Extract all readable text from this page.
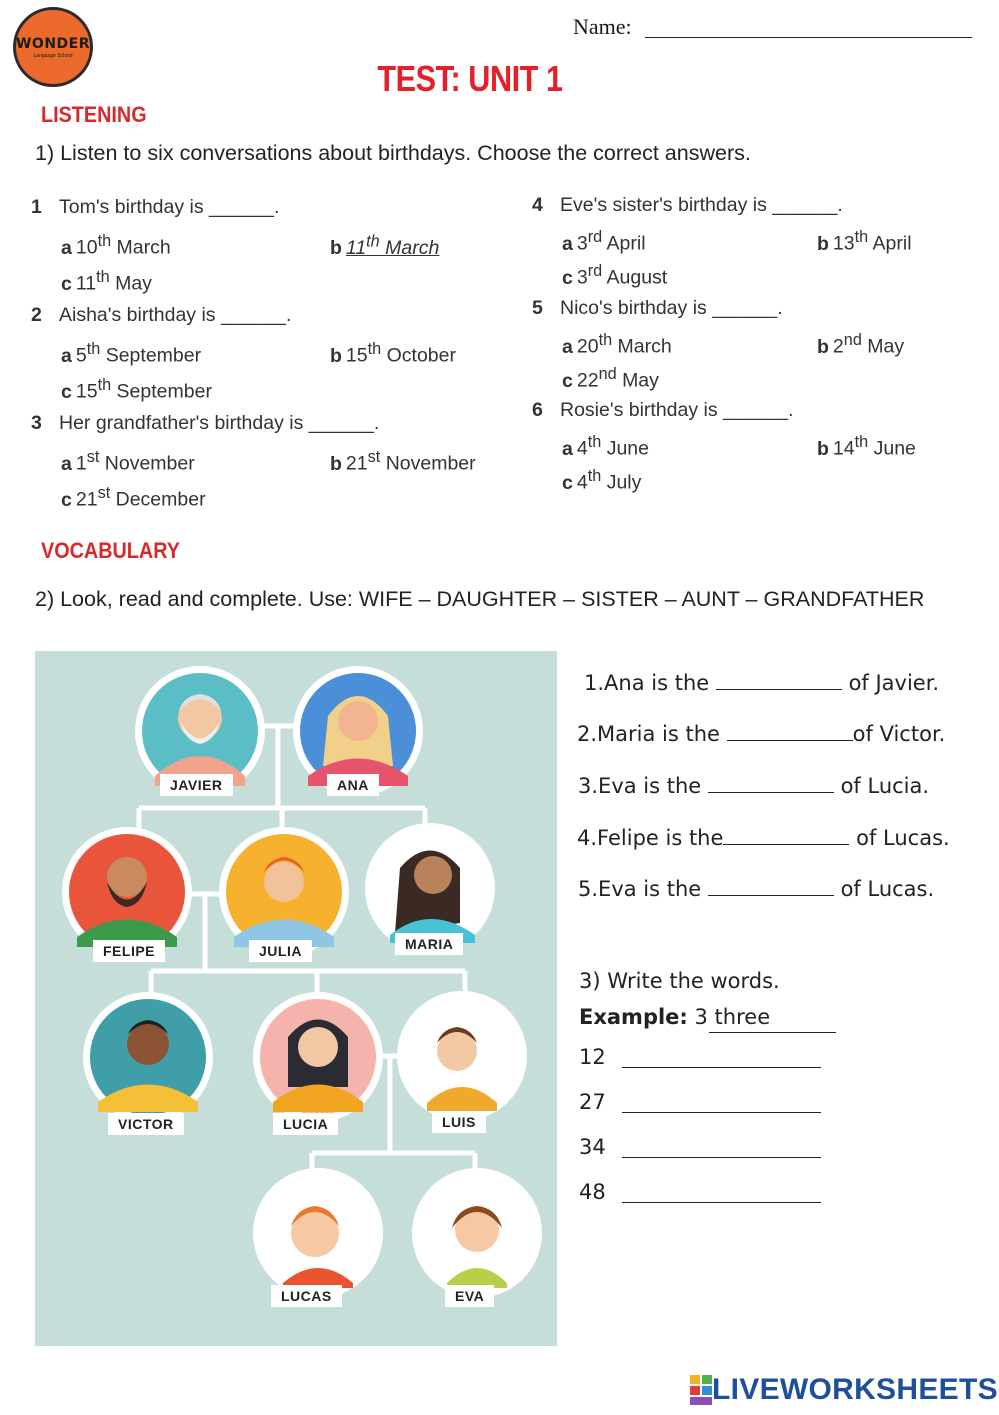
WONDER
Language School
Name:
TEST: UNIT 1
LISTENING
1) Listen to six conversations about birthdays. Choose the correct answers.
1 Tom's birthday is ______.
a 10th March	b 11th March
c 11th May
2 Aisha's birthday is ______.
a 5th September	b 15th October
c 15th September
3 Her grandfather's birthday is ______.
a 1st November	b 21st November
c 21st December
4 Eve's sister's birthday is ______.
a 3rd April	b 13th April
c 3rd August
5 Nico's birthday is ______.
a 20th March	b 2nd May
c 22nd May
6 Rosie's birthday is ______.
a 4th June	b 14th June
c 4th July
VOCABULARY
2) Look, read and complete. Use: WIFE – DAUGHTER – SISTER – AUNT – GRANDFATHER
JAVIER	ANA
FELIPE	JULIA	MARIA
VICTOR	LUCIA	LUIS
LUCAS	EVA
1.Ana is the	of Javier.
2.Maria is the	of Victor.
3.Eva is the	of Lucia.
4.Felipe is the	of Lucas.
5.Eva is the	of Lucas.
3) Write the words.
Example: 3 three
12
27
34
48
LIVEWORKSHEETS
